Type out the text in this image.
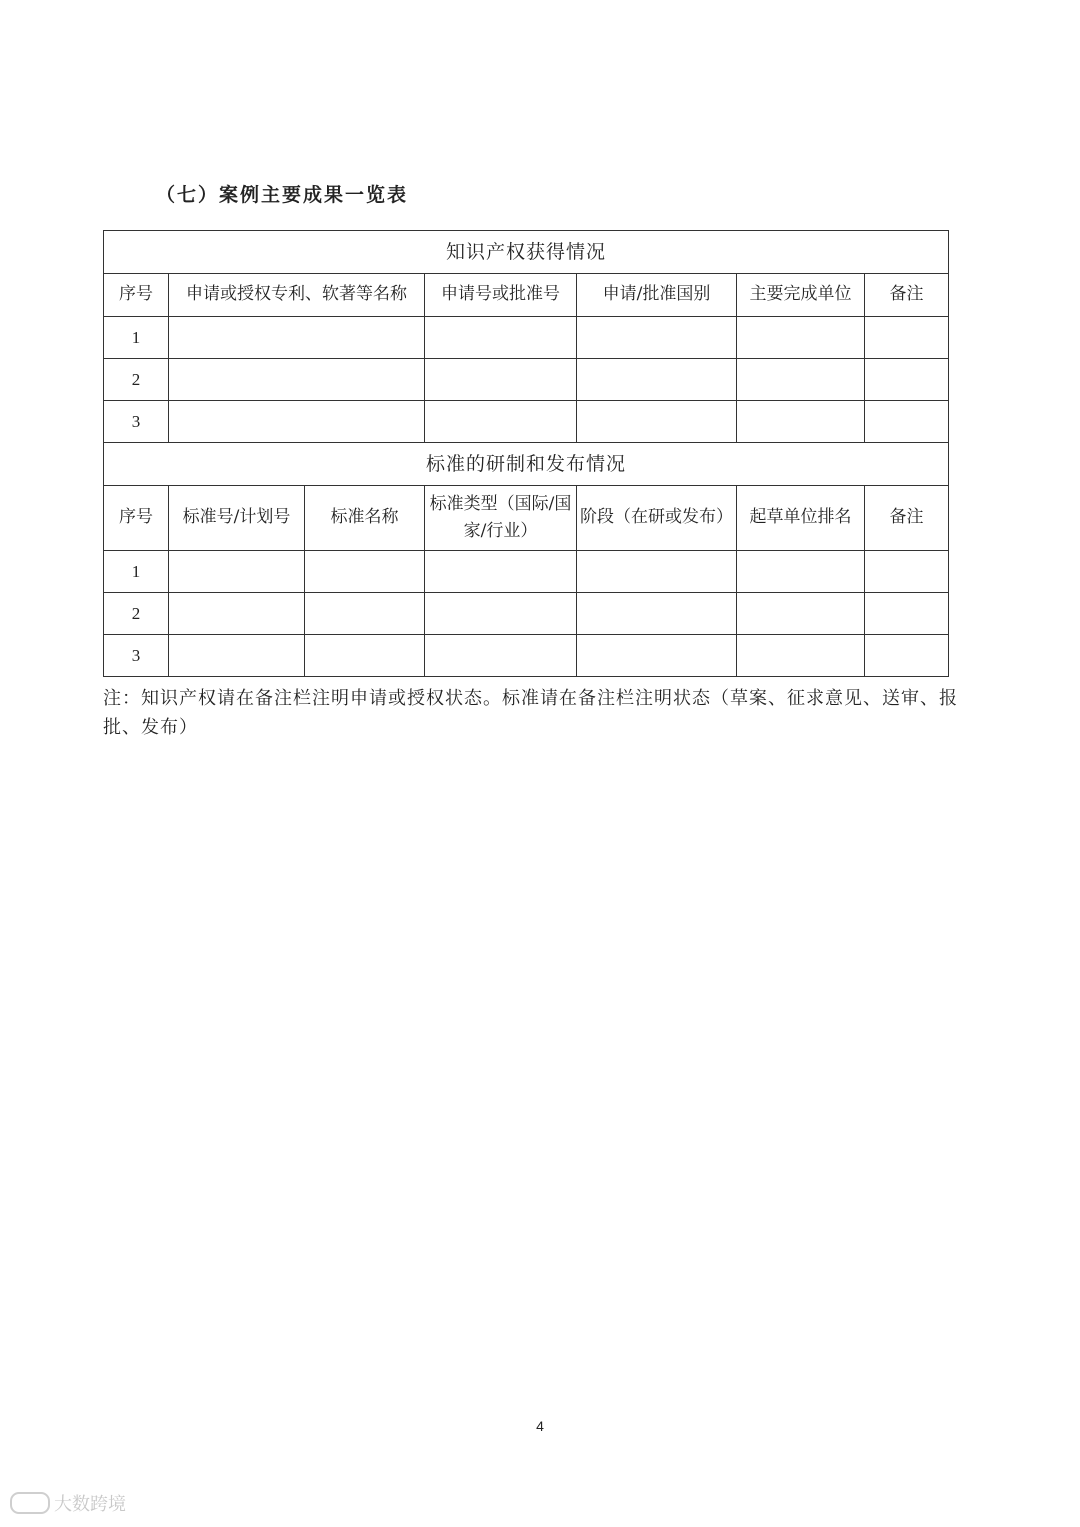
（七）案例主要成果一览表
知识产权获得情况						
序号	申请或授权专利、软著等名称		申请号或批准号	申请/批准国别	主要完成单位	备注
1						
2						
3						
标准的研制和发布情况						
序号	标准号/计划号	标准名称	标准类型（国际/国家/行业）	阶段（在研或发布）	起草单位排名	备注
1						
2						
3						
注：知识产权请在备注栏注明申请或授权状态。标准请在备注栏注明状态（草案、征求意见、送审、报批、发布）
4
大数跨境
